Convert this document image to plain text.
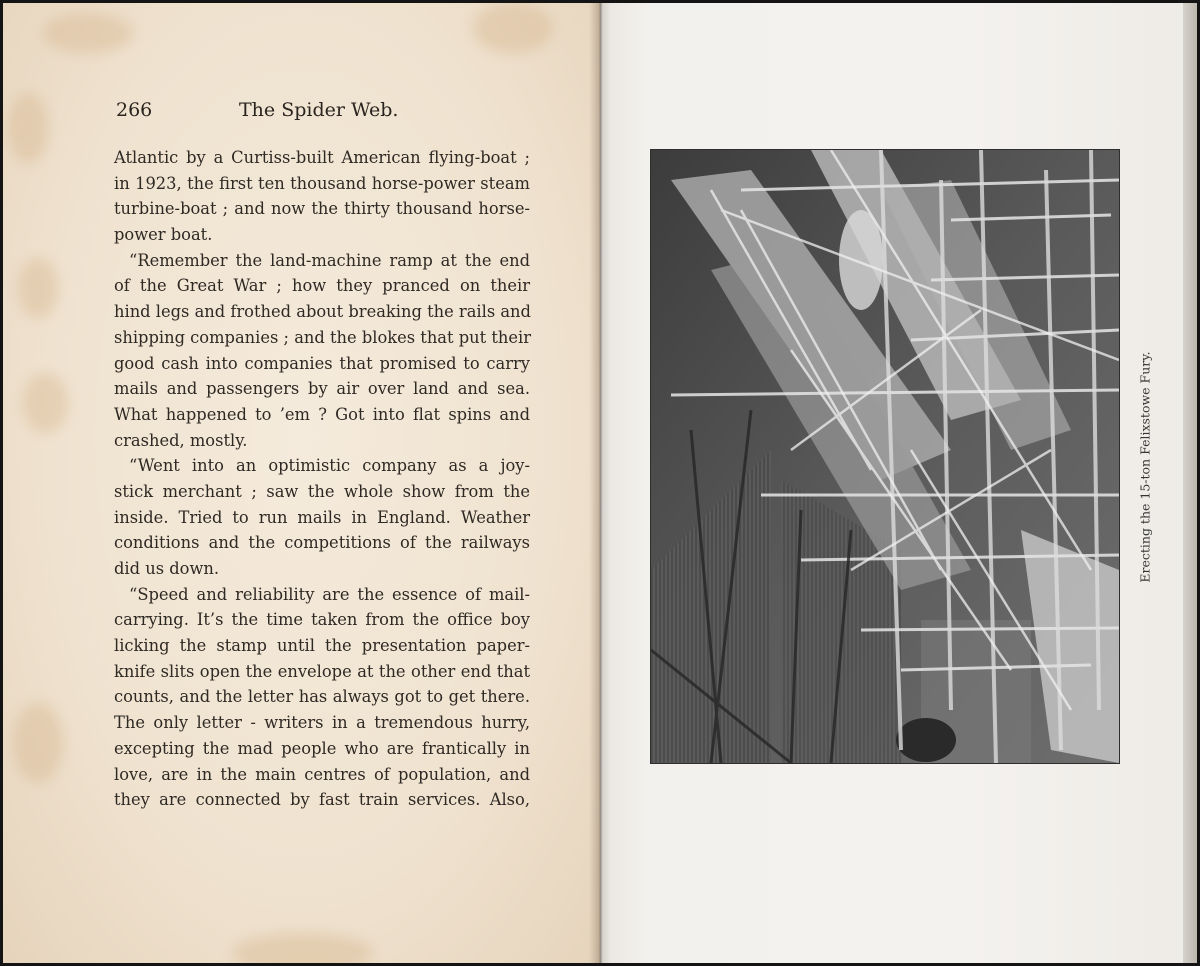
266	The Spider Web.
Atlantic by a Curtiss-built American flying-boat ;
in 1923, the first ten thousand horse-power steam
turbine-boat ; and now the thirty thousand horse-
power boat.
“Remember the land-machine ramp at the end
of the Great War ; how they pranced on their
hind legs and frothed about breaking the rails and
shipping companies ; and the blokes that put their
good cash into companies that promised to carry
mails and passengers by air over land and sea.
What happened to ’em ? Got into flat spins and
crashed, mostly.
“Went into an optimistic company as a joy-
stick merchant ; saw the whole show from the
inside. Tried to run mails in England. Weather
conditions and the competitions of the railways
did us down.
“Speed and reliability are the essence of mail-
carrying. It’s the time taken from the office boy
licking the stamp until the presentation paper-
knife slits open the envelope at the other end that
counts, and the letter has always got to get there.
The only letter - writers in a tremendous hurry,
excepting the mad people who are frantically in
love, are in the main centres of population, and
they are connected by fast train services. Also,
Erecting the 15-ton Felixstowe Fury.
